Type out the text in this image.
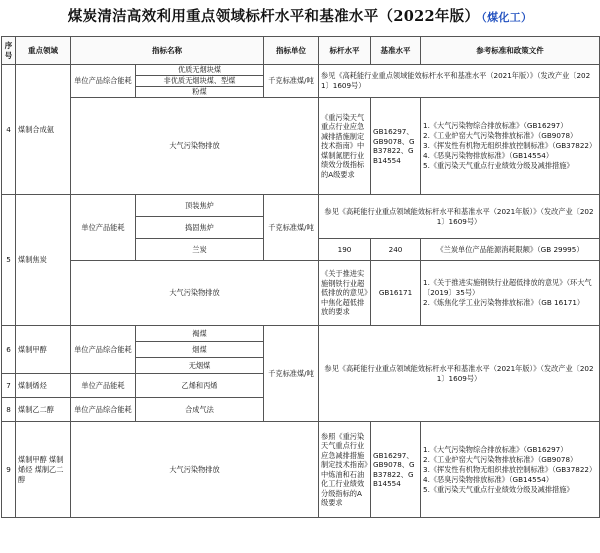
煤炭清洁高效利用重点领域标杆水平和基准水平（2022年版） （煤化工）
序号	重点领域	指标名称		指标单位	标杆水平	基准水平	参考标准和政策文件
4	煤制合成氨	单位产品综合能耗	优质无烟块煤	千克标准煤/吨	参见《高耗能行业重点领域能效标杆水平和基准水平（2021年版）》（发改产业〔2021〕1609号）		
			非优质无烟块煤、型煤				
			粉煤				
		大气污染物排放			《重污染天气重点行业应急减排措施制定技术指南》中煤制氮肥行业绩效分级指标的A级要求	GB16297、GB9078、GB37822、GB14554	1.《大气污染物综合排放标准》（GB16297）
2.《工业炉窑大气污染物排放标准》（GB9078）
3.《挥发性有机物无组织排放控制标准》（GB37822）
4.《恶臭污染物排放标准》（GB14554）
5.《重污染天气重点行业绩效分级及减排措施》

5	煤制焦炭	单位产品能耗	顶装焦炉	千克标准煤/吨	参见《高耗能行业重点领域能效标杆水平和基准水平（2021年版）》（发改产业〔2021〕1609号）		
			捣固焦炉				
			兰炭		190	240	《兰炭单位产品能源消耗限额》（GB 29995）
		大气污染物排放			《关于推进实施钢铁行业超低排放的意见》中焦化超低排放的要求	GB16171	1.《关于推进实施钢铁行业超低排放的意见》（环大气〔2019〕35号）
2.《炼焦化学工业污染物排放标准》（GB 16171）

6	煤制甲醇	单位产品综合能耗	褐煤	千克标准煤/吨	参见《高耗能行业重点领域能效标杆水平和基准水平（2021年版）》（发改产业〔2021〕1609号）		
			烟煤				
			无烟煤				
7	煤制烯烃	单位产品能耗	乙烯和丙烯				
8	煤制乙二醇	单位产品综合能耗	合成气法				
9	煤制甲醇 煤制烯烃 煤制乙二醇	大气污染物排放			参照《重污染天气重点行业应急减排措施制定技术指南》中炼油和石油化工行业绩效分级指标的A级要求	GB16297、GB9078、GB37822、GB14554	1.《大气污染物综合排放标准》（GB16297）
2.《工业炉窑大气污染物排放标准》（GB9078）
3.《挥发性有机物无组织排放控制标准》（GB37822）
4.《恶臭污染物排放标准》（GB14554）
5.《重污染天气重点行业绩效分级及减排措施》
